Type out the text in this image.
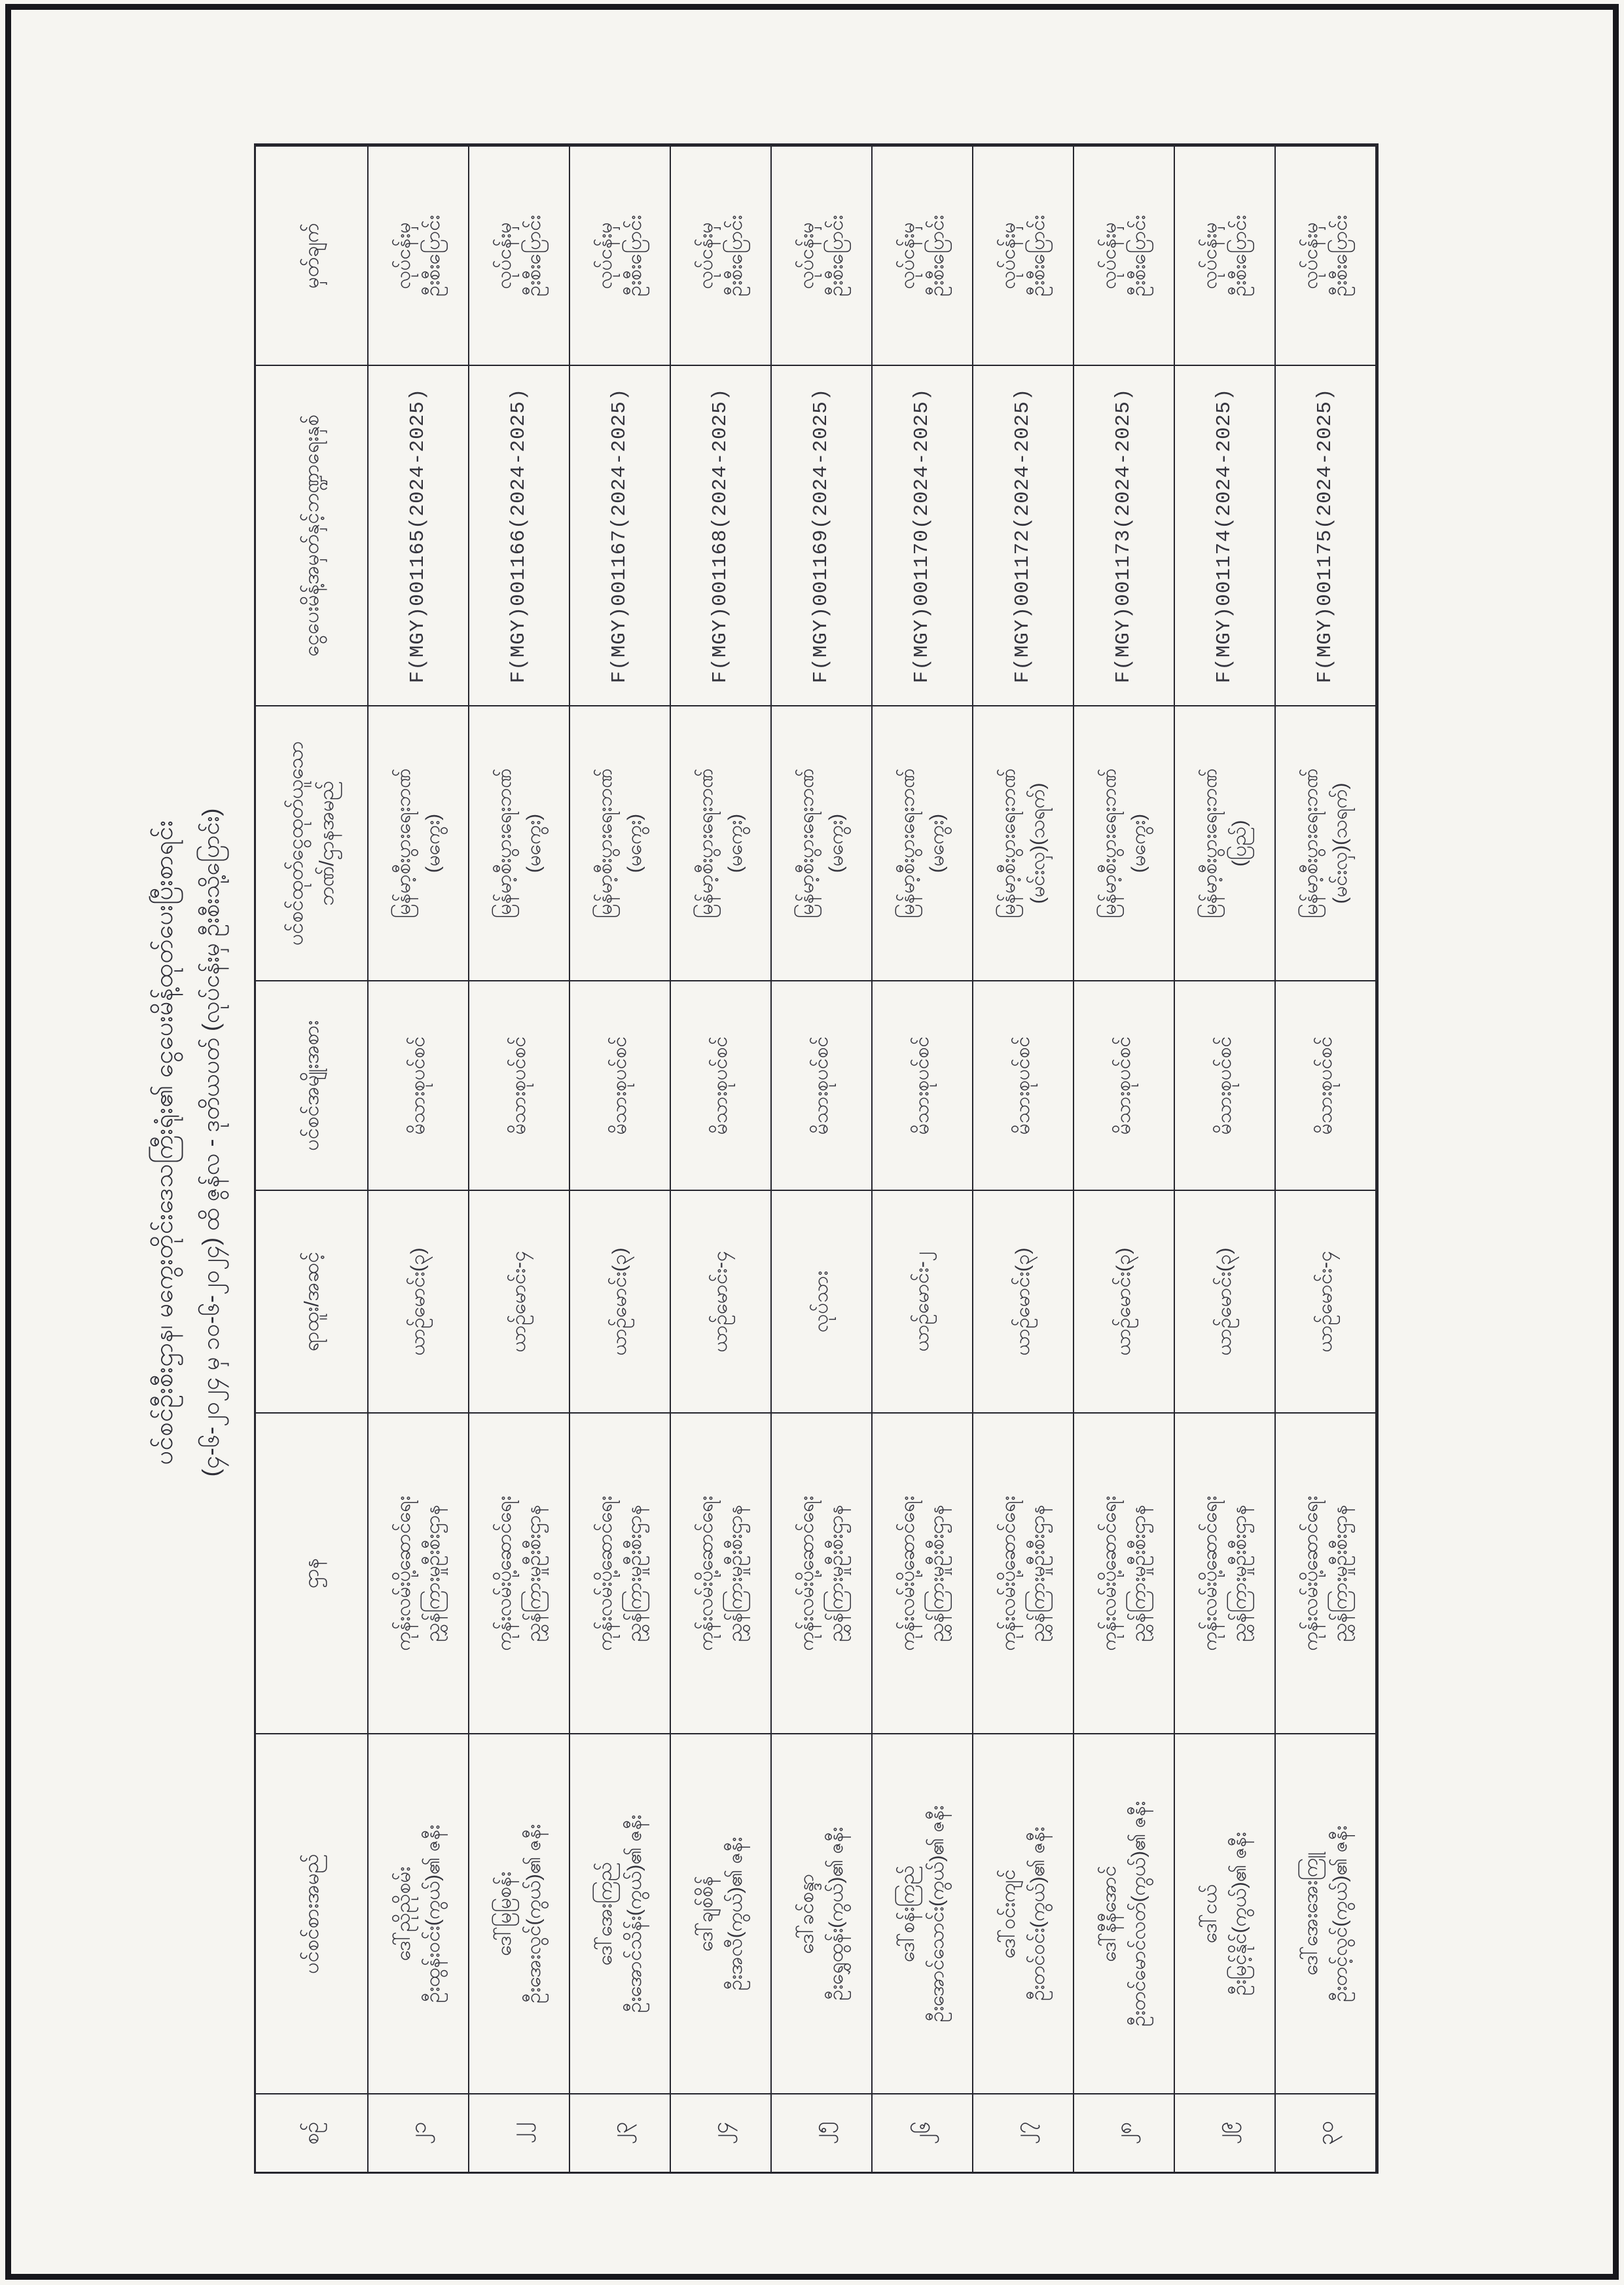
ပင်စင်ဦးစီးဌာန၊ မကွေးတိုင်းဒေသကြီးရုံး၏ ငွေပေးမိန့်ထုတ်ပေးပြီးစာရင်း (၄-၆-၂၀၂၄ မှ ၁၀-၆-၂၀၂၄) ထိ ဇွန်လ - ဒုတိယပတ် (လုပ်ငန်းမှ ဦးစီးသို့ပြောင်း)
စဉ်
ပင်စင်စားအမည်
ဌာန
ရာထူး/အဆင့်
ပင်စင်အမျိုးအစား
ပင်စင်ထုတ်ငွေထုတ်ယူသော ဘဏ်/ဌာနအမည်
ငွေပေးမိန့်အမှတ်နှင့်ဘဏ္ဍာရေးနှစ်
မှတ်ချက်
၂၁
ဒေါ်ညိုညိုစမ်း ဦးထွန်းဝင်း(ကွယ်)၏ ဇနီး
ကုန်းလမ်းပို့ဆောင်ရေး ညွှန်ကြားမှုဦးစီးဌာန
ယာဉ်မောင်း(၃)
မိသားစုပင်စင်
မြန်မာ့စီးပွားရေးဘဏ် (မကွေး)
F(MGY)001165(2024-2025)
လုပ်ငန်းမှ ဦးစီးပြောင်း
၂၂
ဒေါ်မြမြစန်း ဦးအေးလွင်(ကွယ်)၏ ဇနီး
ကုန်းလမ်းပို့ဆောင်ရေး ညွှန်ကြားမှုဦးစီးဌာန
ယာဉ်မောင်း-၄
မိသားစုပင်စင်
မြန်မာ့စီးပွားရေးဘဏ် (မကွေး)
F(MGY)001166(2024-2025)
လုပ်ငန်းမှ ဦးစီးပြောင်း
၂၃
ဒေါ်အေးကြည် ဦးအောင်သိန်း(ကွယ်)၏ ဇနီး
ကုန်းလမ်းပို့ဆောင်ရေး ညွှန်ကြားမှုဦးစီးဌာန
ယာဉ်မောင်း(၃)
မိသားစုပင်စင်
မြန်မာ့စီးပွားရေးဘဏ် (မကွေး)
F(MGY)001167(2024-2025)
လုပ်ငန်းမှ ဦးစီးပြောင်း
၂၄
ဒေါ်ချစ်စိန် ဦးအလီ(ကွယ်)၏ ဇနီး
ကုန်းလမ်းပို့ဆောင်ရေး ညွှန်ကြားမှုဦးစီးဌာန
ယာဉ်မောင်း-၄
မိသားစုပင်စင်
မြန်မာ့စီးပွားရေးဘဏ် (မကွေး)
F(MGY)001168(2024-2025)
လုပ်ငန်းမှ ဦးစီးပြောင်း
၂၅
ဒေါ်ခင်စန္ဒာ ဦးရွှေထွန်း(ကွယ်)၏ ဇနီး
ကုန်းလမ်းပို့ဆောင်ရေး ညွှန်ကြားမှုဦးစီးဌာန
လုပ်သား
မိသားစုပင်စင်
မြန်မာ့စီးပွားရေးဘဏ် (မကွေး)
F(MGY)001169(2024-2025)
လုပ်ငန်းမှ ဦးစီးပြောင်း
၂၆
ဒေါ်စန်းကြည် ဦးအောင်သောင်း(ကွယ်)၏ ဇနီး
ကုန်းလမ်းပို့ဆောင်ရေး ညွှန်ကြားမှုဦးစီးဌာန
ယာဉ်မောင်း-၂
မိသားစုပင်စင်
မြန်မာ့စီးပွားရေးဘဏ် (မကွေး)
F(MGY)001170(2024-2025)
လုပ်ငန်းမှ ဦးစီးပြောင်း
၂၇
ဒေါ်ဝင်းကျင် ဦးတင်ဝင်း(ကွယ်)၏ ဇနီး
ကုန်းလမ်းပို့ဆောင်ရေး ညွှန်ကြားမှုဦးစီးဌာန
ယာဉ်မောင်း(၃)
မိသားစုပင်စင်
မြန်မာ့စီးပွားရေးဘဏ် (မင်းလှ)(သရက်)
F(MGY)001172(2024-2025)
လုပ်ငန်းမှ ဦးစီးပြောင်း
၂၈
ဒေါ်နီနီအောင် ဦးတင်မောင်လတ်(ကွယ်)၏ ဇနီး
ကုန်းလမ်းပို့ဆောင်ရေး ညွှန်ကြားမှုဦးစီးဌာန
ယာဉ်မောင်း(၃)
မိသားစုပင်စင်
မြန်မာ့စီးပွားရေးဘဏ် (မကွေး)
F(MGY)001173(2024-2025)
လုပ်ငန်းမှ ဦးစီးပြောင်း
၂၉
ဒေါ်ငယ် ဦးမြင့်နိုင်(ကွယ်)၏ ဇနီး
ကုန်းလမ်းပို့ဆောင်ရေး ညွှန်ကြားမှုဦးစီးဌာန
ယာဉ်မောင်း(၃)
မိသားစုပင်စင်
မြန်မာ့စီးပွားရေးဘဏ် (ပြည်)
F(MGY)001174(2024-2025)
လုပ်ငန်းမှ ဦးစီးပြောင်း
၃၀
ဒေါ်အေးအေးကြူ ဦးတင့်လွင်(ကွယ်)၏ ဇနီး
ကုန်းလမ်းပို့ဆောင်ရေး ညွှန်ကြားမှုဦးစီးဌာန
ယာဉ်မောင်း-၄
မိသားစုပင်စင်
မြန်မာ့စီးပွားရေးဘဏ် (မင်းလှ)(သရက်)
F(MGY)001175(2024-2025)
လုပ်ငန်းမှ ဦးစီးပြောင်း
